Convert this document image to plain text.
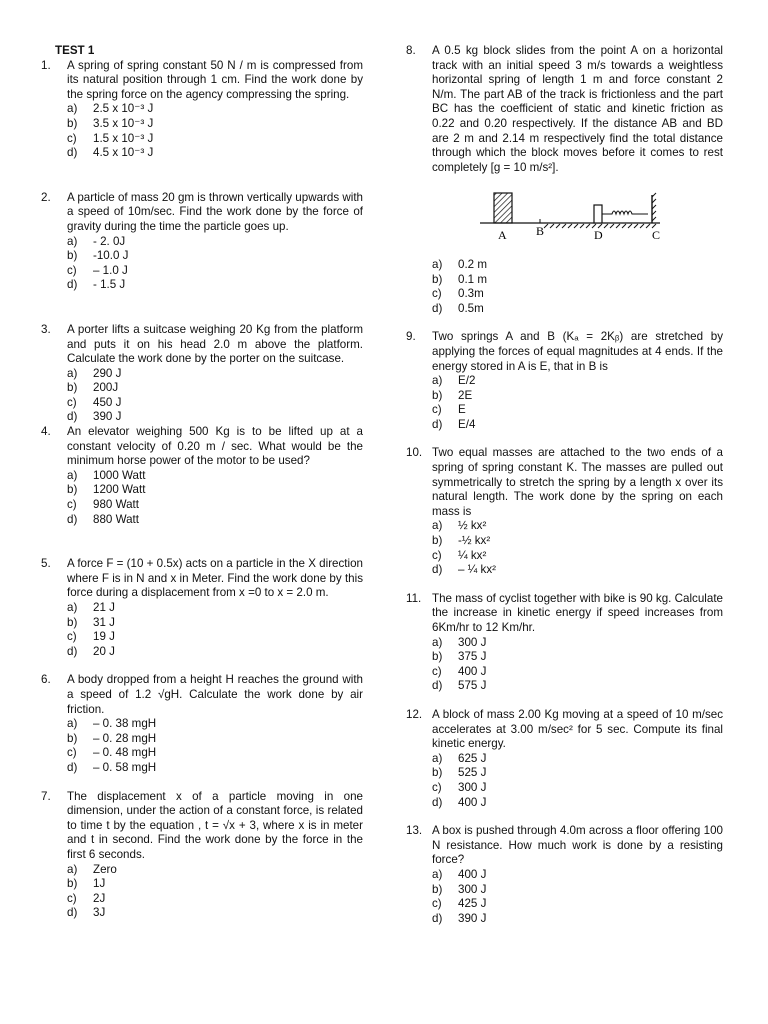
TEST 1
1. A spring of spring constant 50 N / m is compressed from its natural position through 1 cm. Find the work done by the spring force on the agency compressing the spring.
a) 2.5 x 10⁻³ J
b) 3.5 x 10⁻³ J
c) 1.5 x 10⁻³ J
d) 4.5 x 10⁻³ J
2. A particle of mass 20 gm is thrown vertically upwards with a speed of 10m/sec. Find the work done by the force of gravity during the time the particle goes up.
a) - 2. 0J
b) -10.0 J
c) – 1.0 J
d) - 1.5 J
3. A porter lifts a suitcase weighing 20 Kg from the platform and puts it on his head 2.0 m above the platform. Calculate the work done by the porter on the suitcase.
a) 290 J
b) 200J
c) 450 J
d) 390 J
4. An elevator weighing 500 Kg is to be lifted up at a constant velocity of 0.20 m / sec. What would be the minimum horse power of the motor to be used?
a) 1000 Watt
b) 1200 Watt
c) 980 Watt
d) 880 Watt
5. A force F = (10 + 0.5x) acts on a particle in the X direction where F is in N and x in Meter. Find the work done by this force during a displacement from x =0 to x = 2.0 m.
a) 21 J
b) 31 J
c) 19 J
d) 20 J
6. A body dropped from a height H reaches the ground with a speed of 1.2 √gH. Calculate the work done by air friction.
a) – 0. 38 mgH
b) – 0. 28 mgH
c) – 0. 48 mgH
d) – 0. 58 mgH
7. The displacement x of a particle moving in one dimension, under the action of a constant force, is related to time t by the equation , t = √x + 3, where x is in meter and t in second. Find the work done by the force in the first 6 seconds.
a) Zero
b) 1J
c) 2J
d) 3J
8. A 0.5 kg block slides from the point A on a horizontal track with an initial speed 3 m/s towards a weightless horizontal spring of length 1 m and force constant 2 N/m. The part AB of the track is frictionless and the part BC has the coefficient of static and kinetic friction as 0.22 and 0.20 respectively. If the distance AB and BD are 2 m and 2.14 m respectively find the total distance through which the block moves before it comes to rest completely [g = 10 m/s²].
A B	D	C
a) 0.2 m
b) 0.1 m
c) 0.3m
d) 0.5m
9. Two springs A and B (Kₐ = 2Kᵦ) are stretched by applying the forces of equal magnitudes at 4 ends. If the energy stored in A is E, that in B is
a) E/2
b) 2E
c) E
d) E/4
10. Two equal masses are attached to the two ends of a spring of spring constant K. The masses are pulled out symmetrically to stretch the spring by a length x over its natural length. The work done by the spring on each mass is
a) ½ kx²
b) -½ kx²
c) ¼ kx²
d) – ¼ kx²
11. The mass of cyclist together with bike is 90 kg. Calculate the increase in kinetic energy if speed increases from 6Km/hr to 12 Km/hr.
a) 300 J
b) 375 J
c) 400 J
d) 575 J
12. A block of mass 2.00 Kg moving at a speed of 10 m/sec accelerates at 3.00 m/sec² for 5 sec. Compute its final kinetic energy.
a) 625 J
b) 525 J
c) 300 J
d) 400 J
13. A box is pushed through 4.0m across a floor offering 100 N resistance. How much work is done by a resisting force?
a) 400 J
b) 300 J
c) 425 J
d) 390 J
